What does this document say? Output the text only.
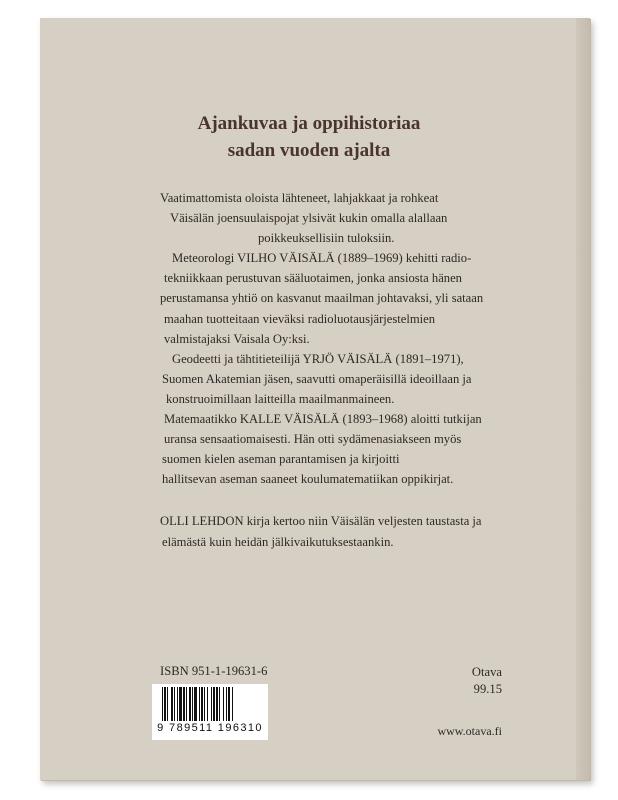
Ajankuvaa ja oppihistoriaa
sadan vuoden ajalta

Vaatimattomista oloista lähteneet, lahjakkaat ja rohkeat

Väisälän joensuulaispojat ylsivät kukin omalla alallaan

poikkeuksellisiin tuloksiin.

Meteorologi VILHO VÄISÄLÄ (1889–1969) kehitti radio-

tekniikkaan perustuvan sääluotaimen, jonka ansiosta hänen

perustamansa yhtiö on kasvanut maailman johtavaksi, yli sataan

maahan tuotteitaan vieväksi radioluotausjärjestelmien

valmistajaksi Vaisala Oy:ksi.

Geodeetti ja tähtitieteilijä YRJÖ VÄISÄLÄ (1891–1971),

Suomen Akatemian jäsen, saavutti omaperäisillä ideoillaan ja

konstruoimillaan laitteilla maailmanmaineen.

Matemaatikko KALLE VÄISÄLÄ (1893–1968) aloitti tutkijan

uransa sensaatiomaisesti. Hän otti sydämenasiakseen myös

suomen kielen aseman parantamisen ja kirjoitti

hallitsevan aseman saaneet koulumatematiikan oppikirjat.

OLLI LEHDON kirja kertoo niin Väisälän veljesten taustasta ja

elämästä kuin heidän jälkivaikutuksestaankin.

ISBN 951-1-19631-6	Otava
99.15
www.otava.fi
9 789511 196310
